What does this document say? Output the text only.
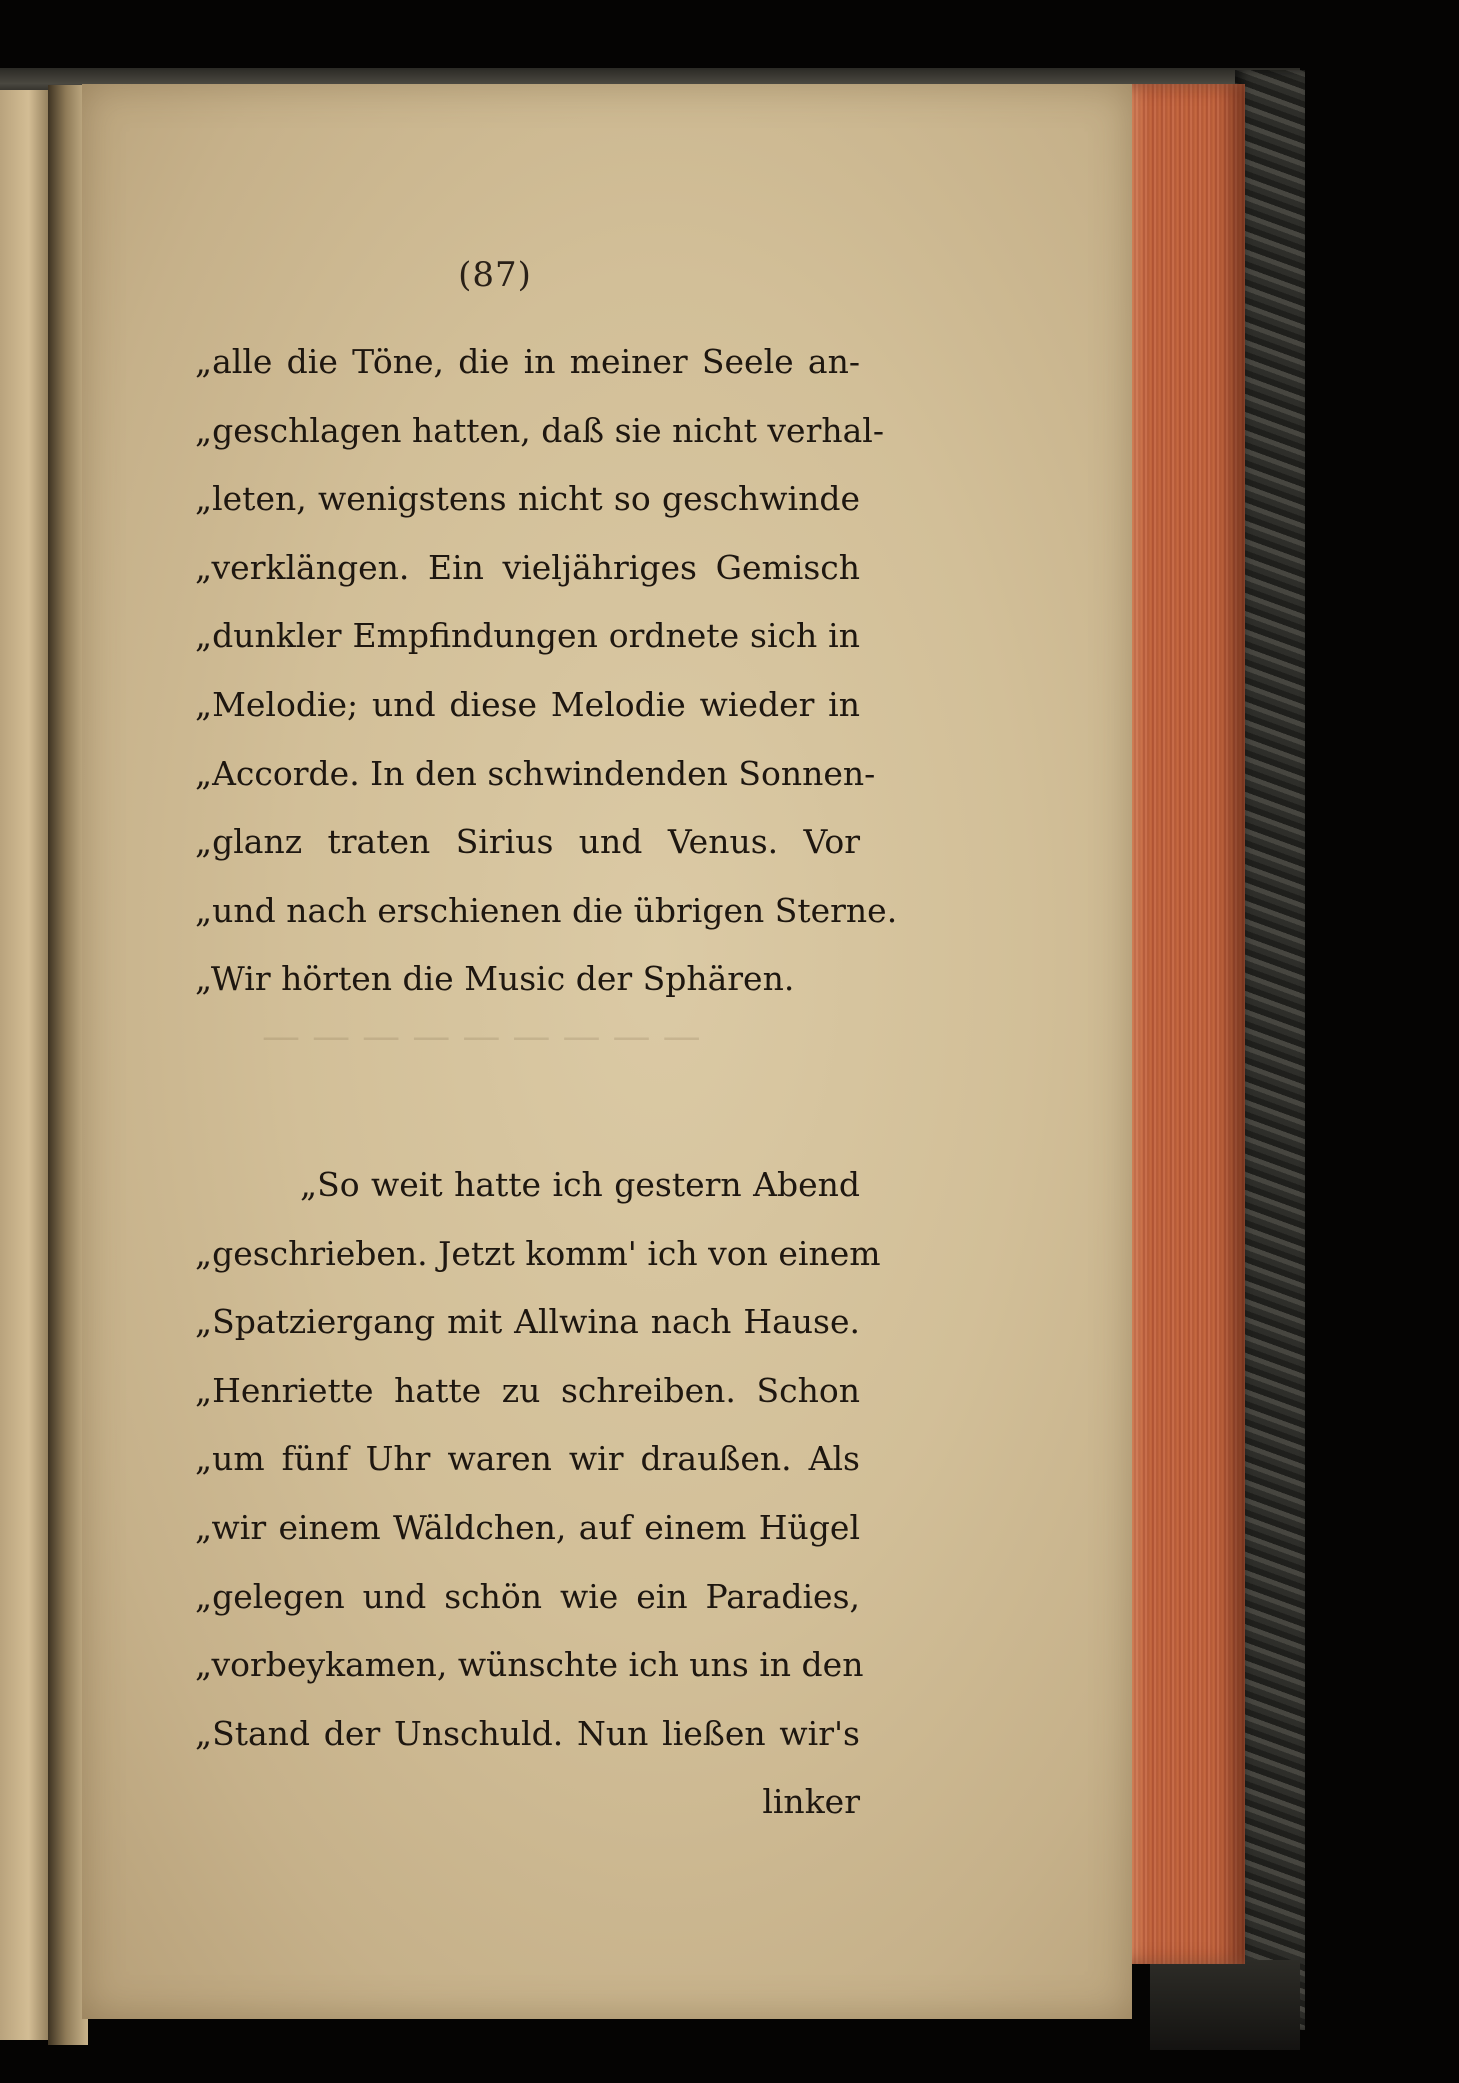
— — — — — — — — —
(87)
„alle die Töne, die in meiner Seele an-
„geschlagen hatten, daß sie nicht verhal-
„leten, wenigstens nicht so geschwinde
„verklängen. Ein vieljähriges Gemisch
„dunkler Empfindungen ordnete sich in
„Melodie; und diese Melodie wieder in
„Accorde. In den schwindenden Sonnen-
„glanz traten Sirius und Venus. Vor
„und nach erschienen die übrigen Sterne.
„Wir hörten die Music der Sphären.
„So weit hatte ich gestern Abend
„geschrieben. Jetzt komm' ich von einem
„Spatziergang mit Allwina nach Hause.
„Henriette hatte zu schreiben. Schon
„um fünf Uhr waren wir draußen. Als
„wir einem Wäldchen, auf einem Hügel
„gelegen und schön wie ein Paradies,
„vorbeykamen, wünschte ich uns in den
„Stand der Unschuld. Nun ließen wir's
linker
